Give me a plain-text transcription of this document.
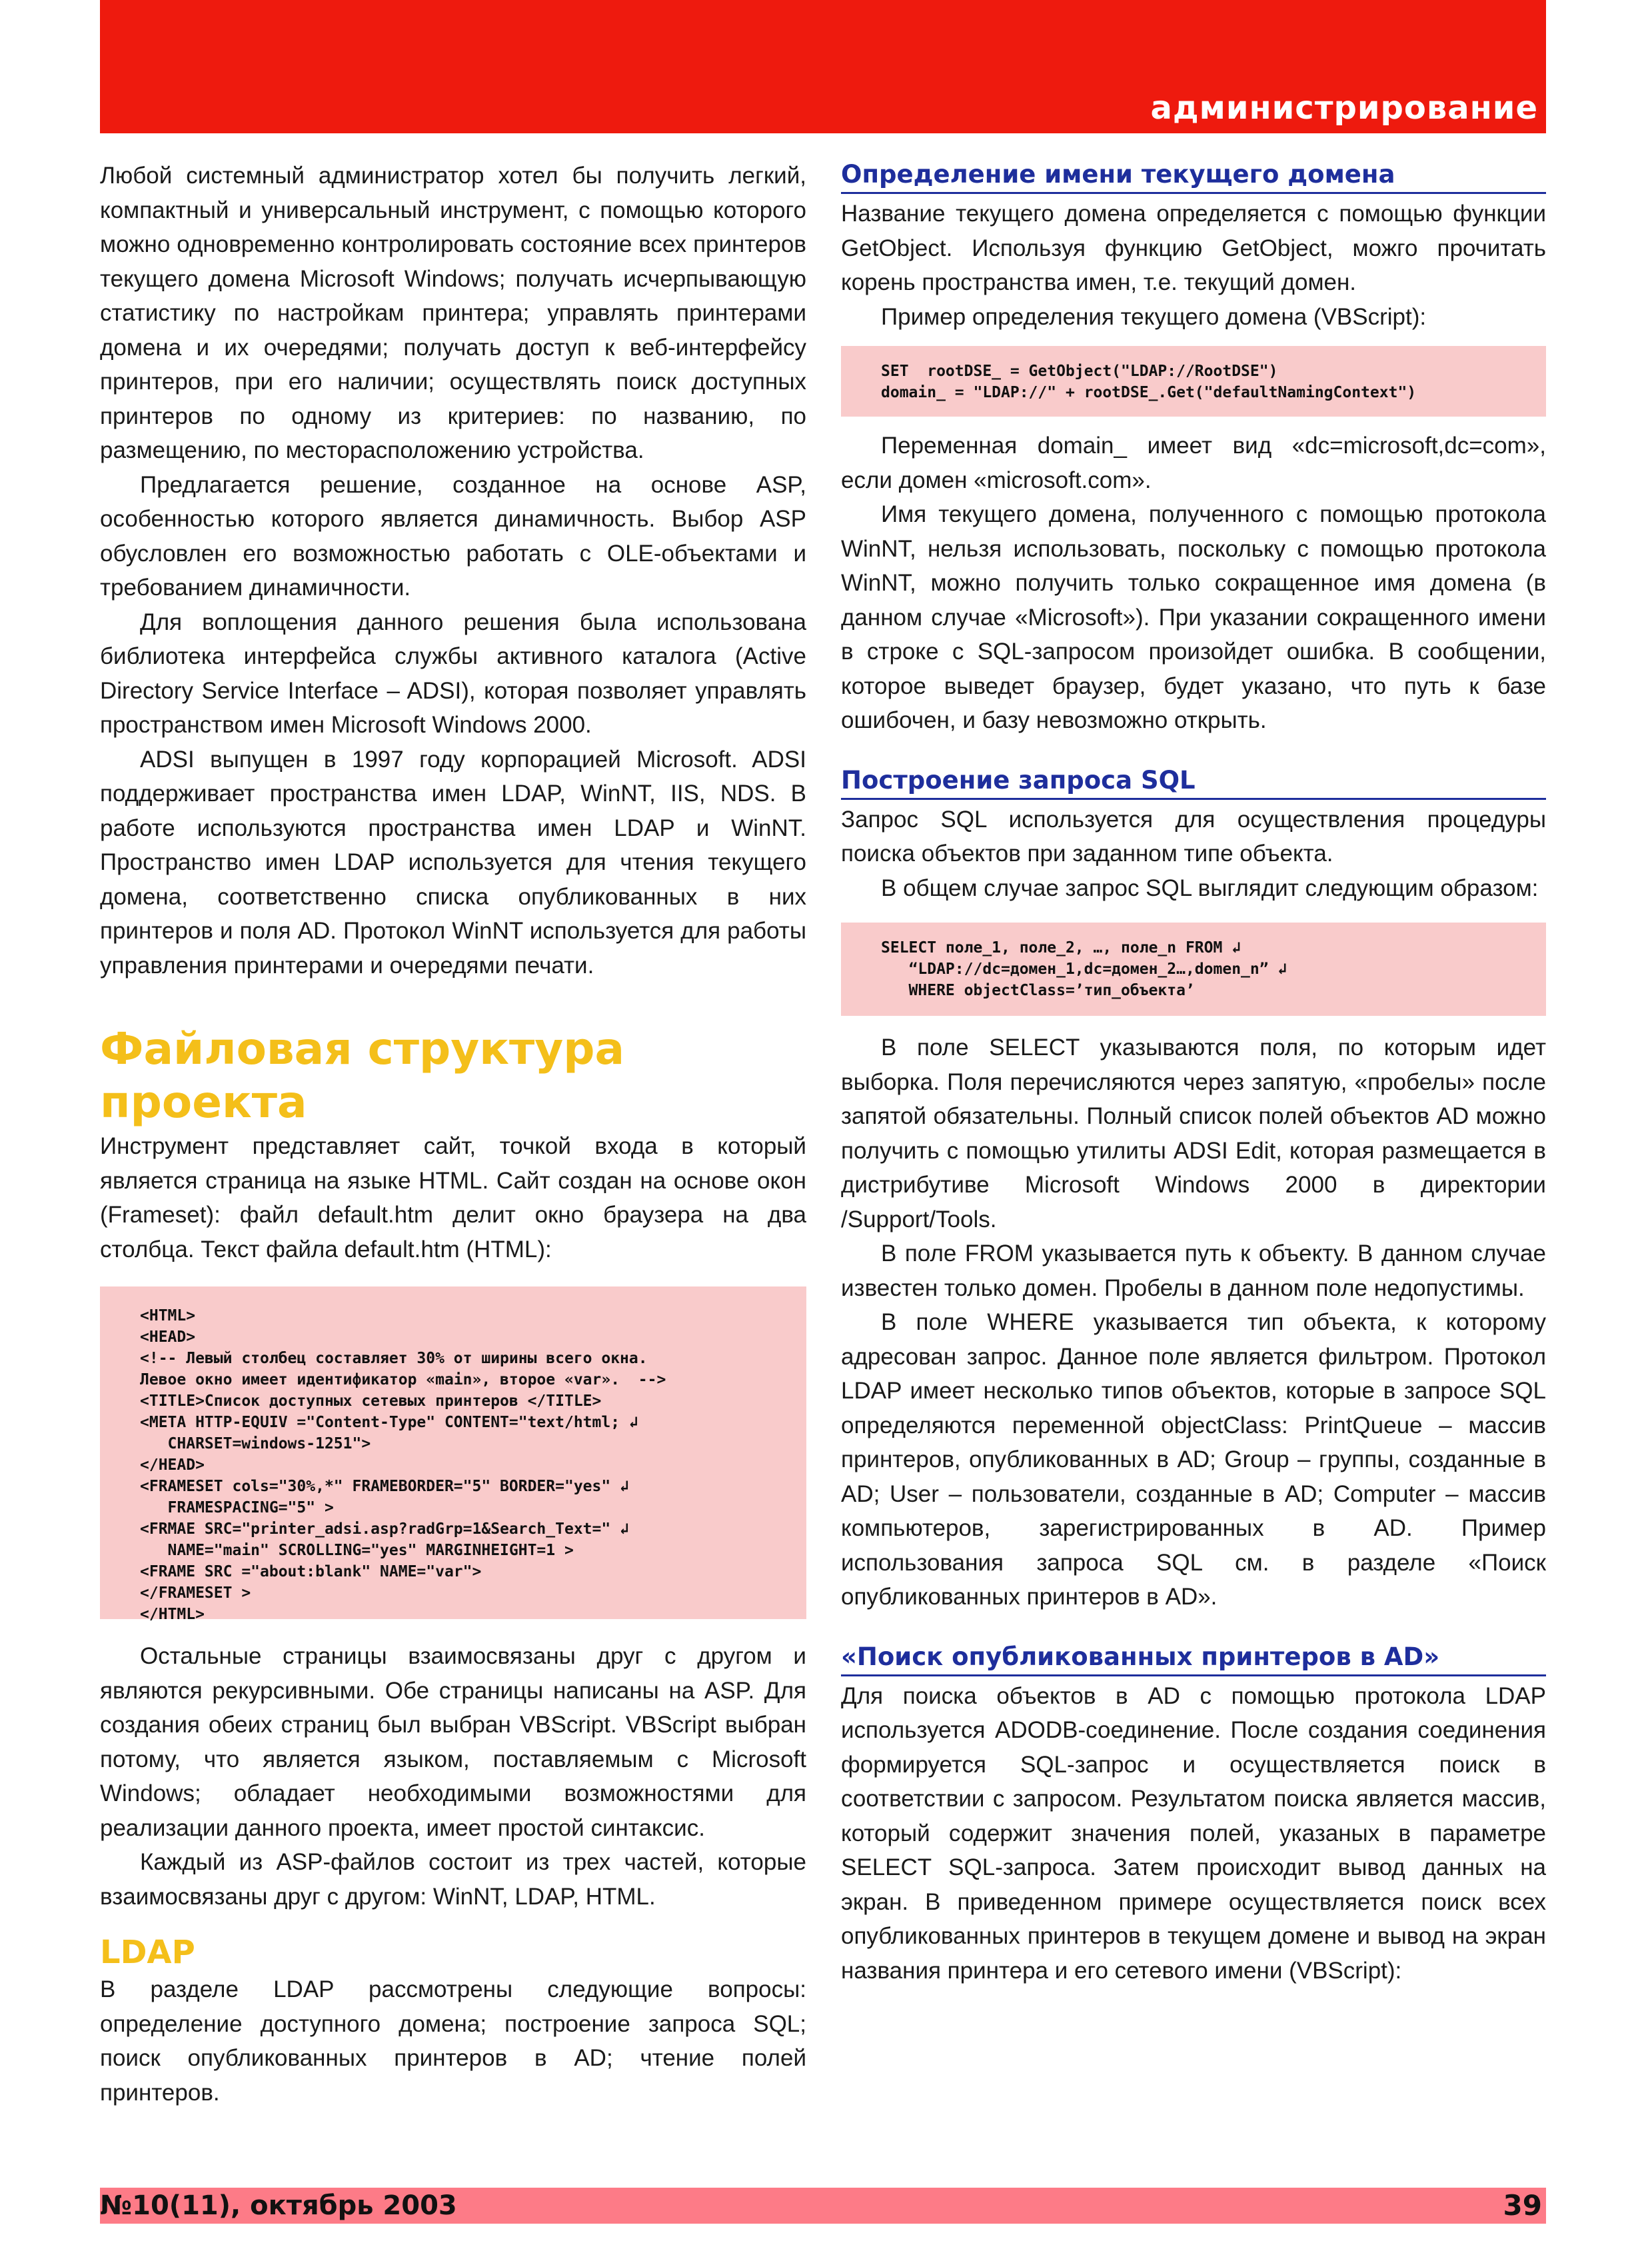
администрирование

Любой системный администратор хотел бы получить легкий, компактный и универсальный инструмент, с помощью которого можно одновременно контролировать состояние всех принтеров текущего домена Microsoft Windows; получать исчерпывающую статистику по настройкам принтера; управлять принтерами домена и их очередями; получать доступ к веб-интерфейсу принтеров, при его наличии; осуществлять поиск доступных принтеров по одному из критериев: по названию, по размещению, по месторасположению устройства.

Предлагается решение, созданное на основе ASP, особенностью которого является динамичность. Выбор ASP обусловлен его возможностью работать с OLE-объектами и требованием динамичности.

Для воплощения данного решения была использована библиотека интерфейса службы активного каталога (Active Directory Service Interface – ADSI), которая позволяет управлять пространством имен Microsoft Windows 2000.

ADSI выпущен в 1997 году корпорацией Microsoft. ADSI поддерживает пространства имен LDAP, WinNT, IIS, NDS. В работе используются пространства имен LDAP и WinNT. Пространство имен LDAP используется для чтения текущего домена, соответственно списка опубликованных в них принтеров и поля AD. Протокол WinNT используется для работы управления принтерами и очередями печати.

Файловая структура проекта

Инструмент представляет сайт, точкой входа в который является страница на языке HTML. Сайт создан на основе окон (Frameset): файл default.htm делит окно браузера на два столбца. Текст файла default.htm (HTML):

<HTML>
<HEAD>
<!-- Левый столбец составляет 30% от ширины всего окна.
Левое окно имеет идентификатор «main», второе «var».  -->
<TITLE>Список доступных сетевых принтеров </TITLE>
<META HTTP-EQUIV ="Content-Type" CONTENT="text/html; ↲
CHARSET=windows-1251">
</HEAD>
<FRAMESET cols="30%,*" FRAMEBORDER="5" BORDER="yes" ↲
FRAMESPACING="5" >
<FRMAE SRC="printer_adsi.asp?radGrp=1&Search_Text=" ↲
NAME="main" SCROLLING="yes" MARGINHEIGHT=1 >
<FRAME SRC ="about:blank" NAME="var">
</FRAMESET >
</HTML>

Остальные страницы взаимосвязаны друг с другом и являются рекурсивными. Обе страницы написаны на ASP. Для создания обеих страниц был выбран VBScript. VBScript выбран потому, что является языком, поставляемым с Microsoft Windows; обладает необходимыми возможностями для реализации данного проекта, имеет простой синтаксис.

Каждый из ASP-файлов состоит из трех частей, которые взаимосвязаны друг с другом: WinNT, LDAP, HTML.

LDAP

В разделе LDAP рассмотрены следующие вопросы: определение доступного домена; построение запроса SQL; поиск опубликованных принтеров в AD; чтение полей принтеров.

Определение имени текущего домена

Название текущего домена определяется с помощью функции GetObject. Используя функцию GetObject, можго прочитать корень пространства имен, т.е. текущий домен.

Пример определения текущего домена (VBScript):

SET  rootDSE_ = GetObject("LDAP://RootDSE")
domain_ = "LDAP://" + rootDSE_.Get("defaultNamingContext")

Переменная domain_ имеет вид «dc=microsoft,dc=com», если домен «microsoft.com».

Имя текущего домена, полученного с помощью протокола WinNT, нельзя использовать, поскольку с помощью протокола WinNT, можно получить только сокращенное имя домена (в данном случае «Microsoft»). При указании сокращенного имени в строке с SQL-запросом произойдет ошибка. В сообщении, которое выведет браузер, будет указано, что путь к базе ошибочен, и базу невозможно открыть.

Построение запроса SQL

Запрос SQL используется для осуществления процедуры поиска объектов при заданном типе объекта.

В общем случае запрос SQL выглядит следующим образом:

SELECT поле_1, поле_2, …, поле_n FROM ↲
“LDAP://dc=домен_1,dc=домен_2…,domen_n” ↲
WHERE objectClass=’тип_объекта’

В поле SELECT указываются поля, по которым идет выборка. Поля перечисляются через запятую, «пробелы» после запятой обязательны. Полный список полей объектов AD можно получить с помощью утилиты ADSI Edit, которая размещается в дистрибутиве Microsoft Windows 2000 в директории /Support/Tools.

В поле FROM указывается путь к объекту. В данном случае известен только домен. Пробелы в данном поле недопустимы.

В поле WHERE указывается тип объекта, к которому адресован запрос. Данное поле является фильтром. Протокол LDAP имеет несколько типов объектов, которые в запросе SQL определяются переменной objectClass: PrintQueue – массив принтеров, опубликованных в AD; Group – группы, созданные в AD; User – пользователи, созданные в AD; Computer – массив компьютеров, зарегистрированных в AD. Пример использования запроса SQL см. в разделе «Поиск опубликованных принтеров в AD».

«Поиск опубликованных принтеров в AD»

Для поиска объектов в AD с помощью протокола LDAP используется ADODB-соединение. После создания соединения формируется SQL-запрос и осуществляется поиск в соответствии с запросом. Результатом поиска является массив, который содержит значения полей, указаных в параметре SELECT SQL-запроса. Затем происходит вывод данных на экран. В приведенном примере осуществляется поиск всех опубликованных принтеров в текущем домене и вывод на экран названия принтера и его сетевого имени (VBScript):

№10(11), октябрь 2003	39
